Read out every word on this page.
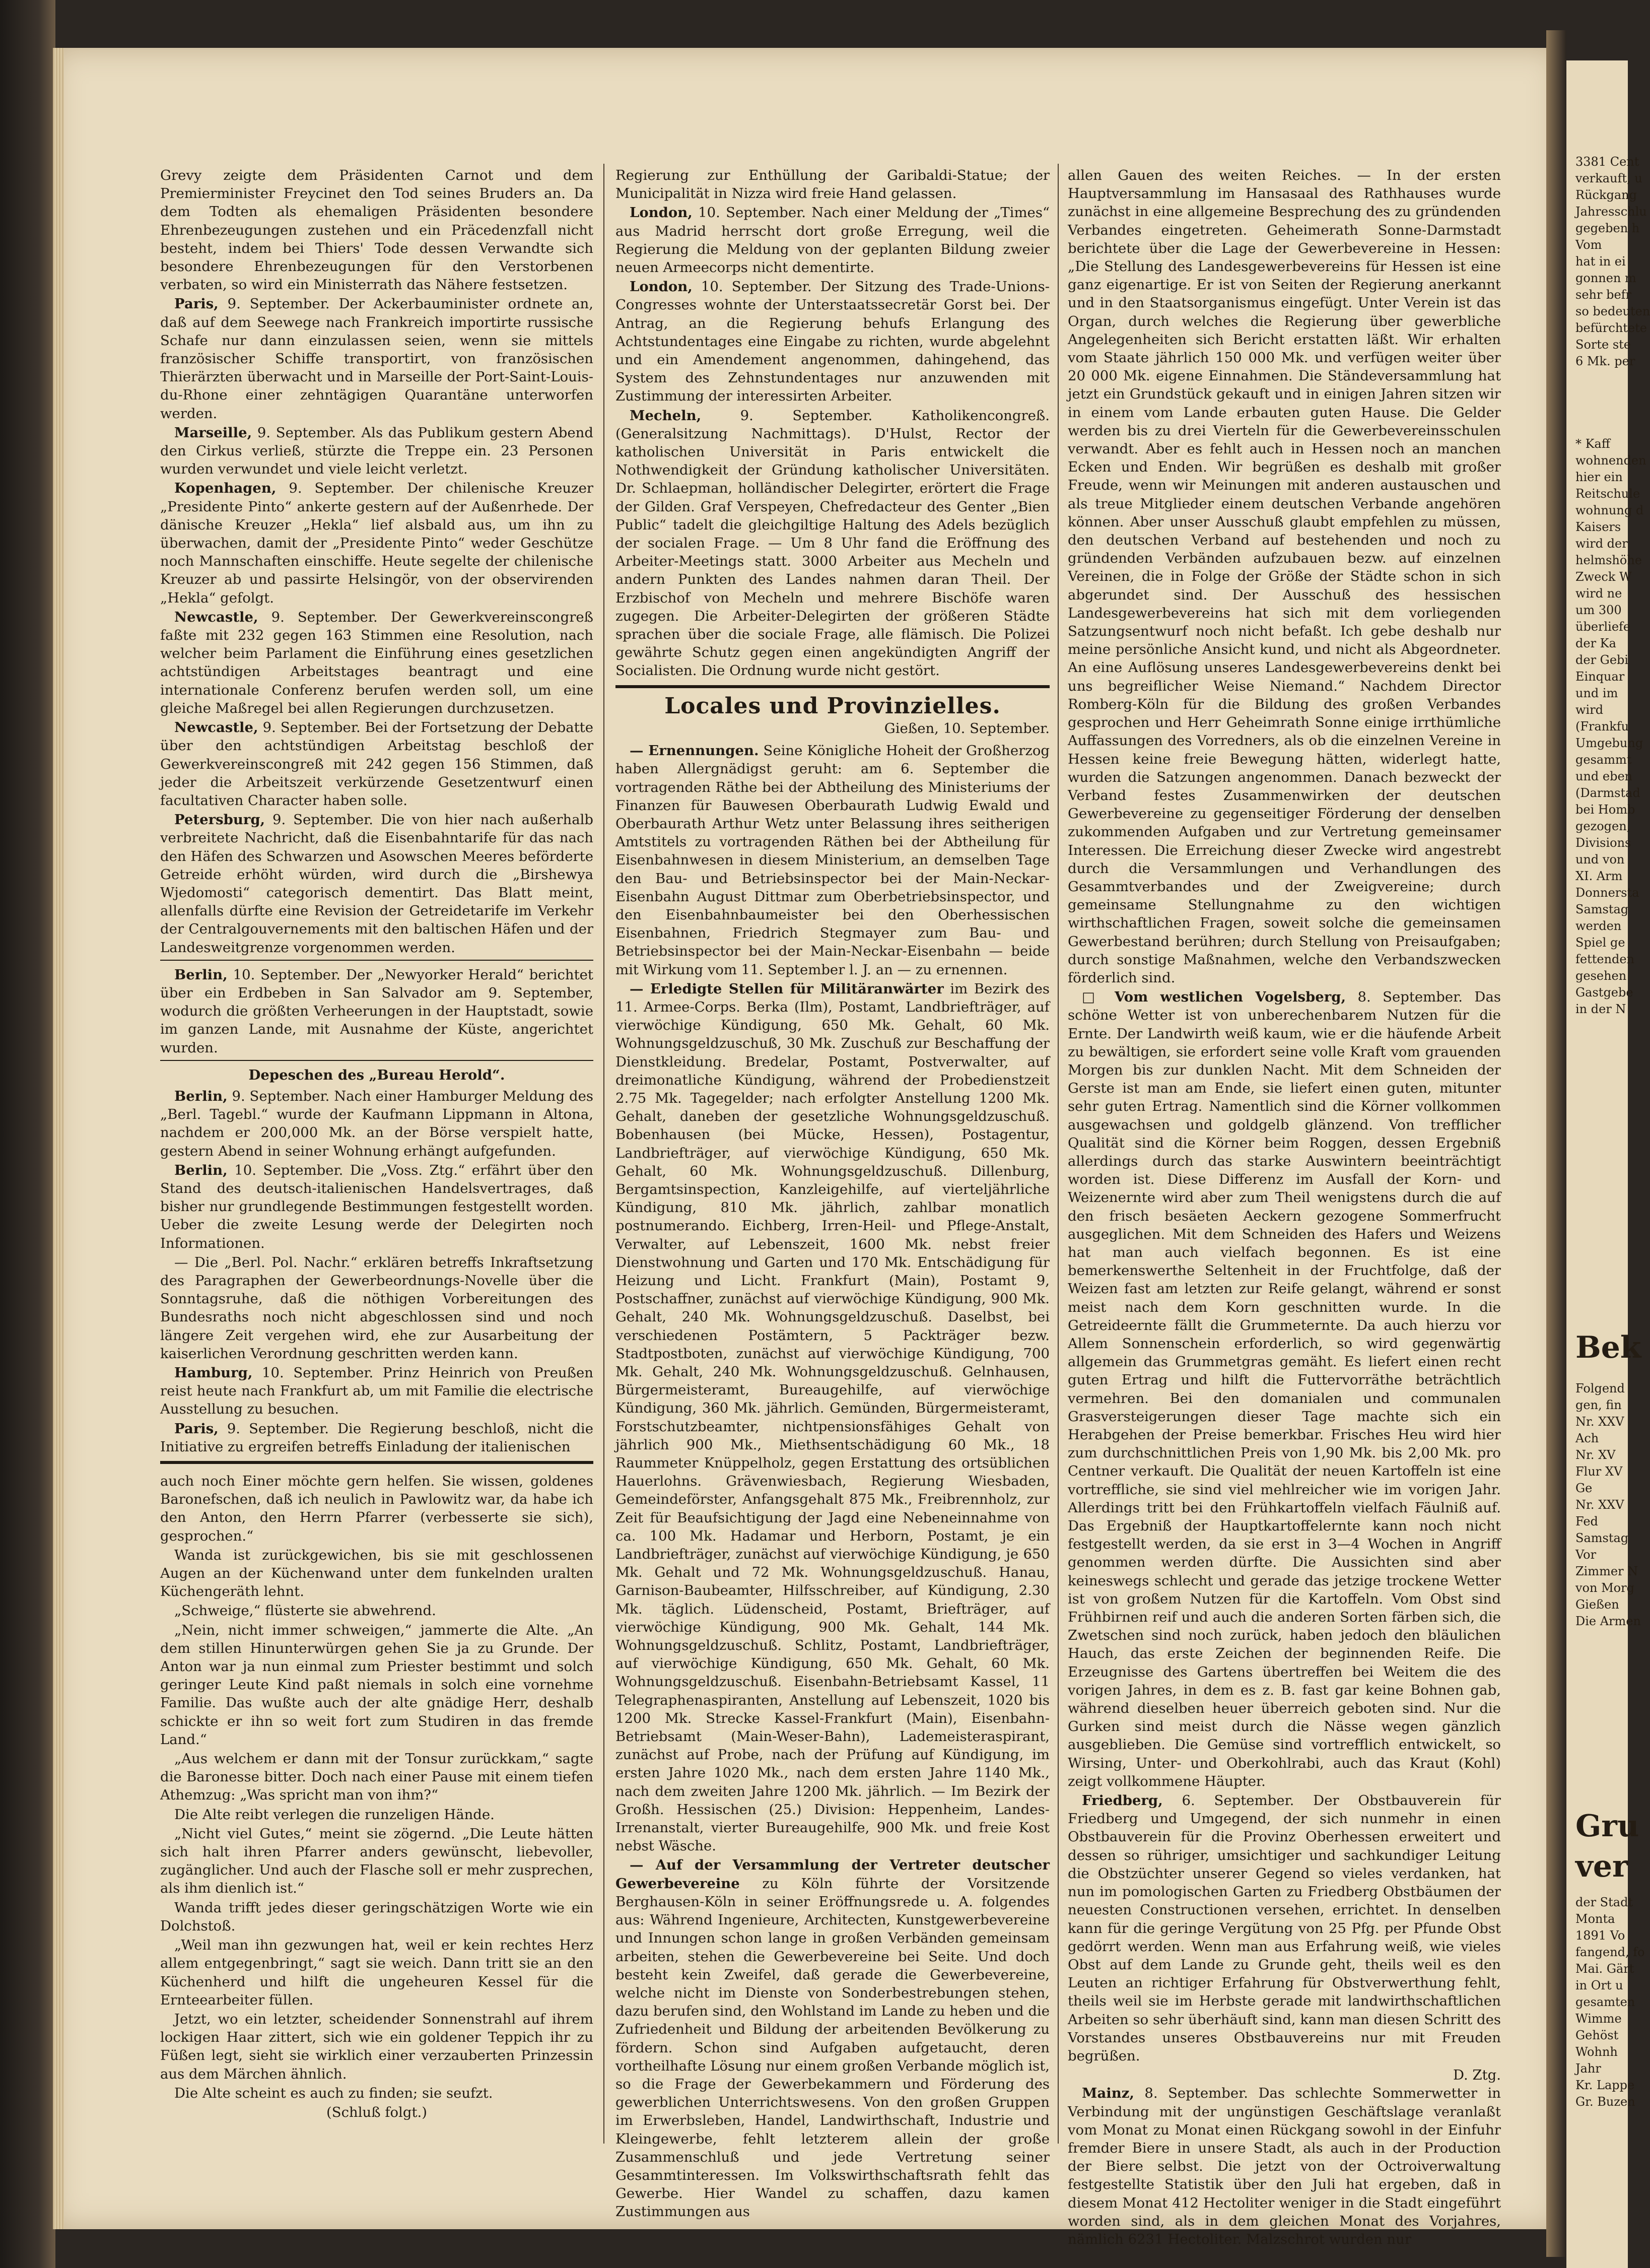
Grevy zeigte dem Präsidenten Carnot und dem Premierminister Freycinet den Tod seines Bruders an. Da dem Todten als ehemaligen Präsidenten besondere Ehrenbezeugungen zustehen und ein Präcedenzfall nicht besteht, indem bei Thiers' Tode dessen Verwandte sich besondere Ehrenbezeugungen für den Verstorbenen verbaten, so wird ein Ministerrath das Nähere festsetzen.

Paris, 9. September. Der Ackerbauminister ordnete an, daß auf dem Seewege nach Frankreich importirte russische Schafe nur dann einzulassen seien, wenn sie mittels französischer Schiffe transportirt, von französischen Thierärzten überwacht und in Marseille der Port-Saint-Louis-du-Rhone einer zehntägigen Quarantäne unterworfen werden.

Marseille, 9. September. Als das Publikum gestern Abend den Cirkus verließ, stürzte die Treppe ein. 23 Personen wurden verwundet und viele leicht verletzt.

Kopenhagen, 9. September. Der chilenische Kreuzer „Presidente Pinto“ ankerte gestern auf der Außenrhede. Der dänische Kreuzer „Hekla“ lief alsbald aus, um ihn zu überwachen, damit der „Presidente Pinto“ weder Geschütze noch Mannschaften einschiffe. Heute segelte der chilenische Kreuzer ab und passirte Helsingör, von der observirenden „Hekla“ gefolgt.

Newcastle, 9. September. Der Gewerkvereinscongreß faßte mit 232 gegen 163 Stimmen eine Resolution, nach welcher beim Parlament die Einführung eines gesetzlichen achtstündigen Arbeitstages beantragt und eine internationale Conferenz berufen werden soll, um eine gleiche Maßregel bei allen Regierungen durchzusetzen.

Newcastle, 9. September. Bei der Fortsetzung der Debatte über den achtstündigen Arbeitstag beschloß der Gewerkvereinscongreß mit 242 gegen 156 Stimmen, daß jeder die Arbeitszeit verkürzende Gesetzentwurf einen facultativen Character haben solle.

Petersburg, 9. September. Die von hier nach außerhalb verbreitete Nachricht, daß die Eisenbahntarife für das nach den Häfen des Schwarzen und Asowschen Meeres beförderte Getreide erhöht würden, wird durch die „Birshewya Wjedomosti“ categorisch dementirt. Das Blatt meint, allenfalls dürfte eine Revision der Getreidetarife im Verkehr der Centralgouvernements mit den baltischen Häfen und der Landesweitgrenze vorgenommen werden.

Berlin, 10. September. Der „Newyorker Herald“ berichtet über ein Erdbeben in San Salvador am 9. September, wodurch die größten Verheerungen in der Hauptstadt, sowie im ganzen Lande, mit Ausnahme der Küste, angerichtet wurden.

Depeschen des „Bureau Herold“.

Berlin, 9. September. Nach einer Hamburger Meldung des „Berl. Tagebl.“ wurde der Kaufmann Lippmann in Altona, nachdem er 200,000 Mk. an der Börse verspielt hatte, gestern Abend in seiner Wohnung erhängt aufgefunden.

Berlin, 10. September. Die „Voss. Ztg.“ erfährt über den Stand des deutsch-italienischen Handelsvertrages, daß bisher nur grundlegende Bestimmungen festgestellt worden. Ueber die zweite Lesung werde der Delegirten noch Informationen.

— Die „Berl. Pol. Nachr.“ erklären betreffs Inkraftsetzung des Paragraphen der Gewerbeordnungs-Novelle über die Sonntagsruhe, daß die nöthigen Vorbereitungen des Bundesraths noch nicht abgeschlossen sind und noch längere Zeit vergehen wird, ehe zur Ausarbeitung der kaiserlichen Verordnung geschritten werden kann.

Hamburg, 10. September. Prinz Heinrich von Preußen reist heute nach Frankfurt ab, um mit Familie die electrische Ausstellung zu besuchen.

Paris, 9. September. Die Regierung beschloß, nicht die Initiative zu ergreifen betreffs Einladung der italienischen

auch noch Einer möchte gern helfen. Sie wissen, goldenes Baronefschen, daß ich neulich in Pawlowitz war, da habe ich den Anton, den Herrn Pfarrer (verbesserte sie sich), gesprochen.“

Wanda ist zurückgewichen, bis sie mit geschlossenen Augen an der Küchenwand unter dem funkelnden uralten Küchengeräth lehnt.

„Schweige,“ flüsterte sie abwehrend.

„Nein, nicht immer schweigen,“ jammerte die Alte. „An dem stillen Hinunterwürgen gehen Sie ja zu Grunde. Der Anton war ja nun einmal zum Priester bestimmt und solch geringer Leute Kind paßt niemals in solch eine vornehme Familie. Das wußte auch der alte gnädige Herr, deshalb schickte er ihn so weit fort zum Studiren in das fremde Land.“

„Aus welchem er dann mit der Tonsur zurückkam,“ sagte die Baronesse bitter. Doch nach einer Pause mit einem tiefen Athemzug: „Was spricht man von ihm?“

Die Alte reibt verlegen die runzeligen Hände.

„Nicht viel Gutes,“ meint sie zögernd. „Die Leute hätten sich halt ihren Pfarrer anders gewünscht, liebevoller, zugänglicher. Und auch der Flasche soll er mehr zusprechen, als ihm dienlich ist.“

Wanda trifft jedes dieser geringschätzigen Worte wie ein Dolchstoß.

„Weil man ihn gezwungen hat, weil er kein rechtes Herz allem entgegenbringt,“ sagt sie weich. Dann tritt sie an den Küchenherd und hilft die ungeheuren Kessel für die Ernteearbeiter füllen.

Jetzt, wo ein letzter, scheidender Sonnenstrahl auf ihrem lockigen Haar zittert, sich wie ein goldener Teppich ihr zu Füßen legt, sieht sie wirklich einer verzauberten Prinzessin aus dem Märchen ähnlich.

Die Alte scheint es auch zu finden; sie seufzt.

(Schluß folgt.)

Regierung zur Enthüllung der Garibaldi-Statue; der Municipalität in Nizza wird freie Hand gelassen.

London, 10. September. Nach einer Meldung der „Times“ aus Madrid herrscht dort große Erregung, weil die Regierung die Meldung von der geplanten Bildung zweier neuen Armeecorps nicht dementirte.

London, 10. September. Der Sitzung des Trade-Unions-Congresses wohnte der Unterstaatssecretär Gorst bei. Der Antrag, an die Regierung behufs Erlangung des Achtstundentages eine Eingabe zu richten, wurde abgelehnt und ein Amendement angenommen, dahingehend, das System des Zehnstundentages nur anzuwenden mit Zustimmung der interessirten Arbeiter.

Mecheln,	9. September. Katholikencongreß. (Generalsitzung Nachmittags). D'Hulst, Rector der katholischen Universität in Paris entwickelt die Nothwendigkeit der Gründung katholischer Universitäten. Dr. Schlaepman, holländischer Delegirter, erörtert die Frage der Gilden. Graf Verspeyen, Chefredacteur des Genter „Bien Public“ tadelt die gleichgiltige Haltung des Adels bezüglich der socialen Frage. — Um 8 Uhr fand die Eröffnung des Arbeiter-Meetings statt. 3000 Arbeiter aus Mecheln und andern Punkten des Landes nahmen daran Theil. Der Erzbischof von Mecheln und mehrere Bischöfe waren zugegen. Die Arbeiter-Delegirten der größeren Städte sprachen über die sociale Frage, alle flämisch. Die Polizei gewährte Schutz gegen einen angekündigten Angriff der Socialisten. Die Ordnung wurde nicht gestört.

Locales und Provinzielles.
Gießen, 10. September.

— Ernennungen. Seine Königliche Hoheit der Großherzog haben Allergnädigst geruht: am 6. September die vortragenden Räthe bei der Abtheilung des Ministeriums der Finanzen für Bauwesen Oberbaurath Ludwig Ewald und Oberbaurath Arthur Wetz unter Belassung ihres seitherigen Amtstitels zu vortragenden Räthen bei der Abtheilung für Eisenbahnwesen in diesem Ministerium, an demselben Tage den Bau- und Betriebsinspector bei der Main-Neckar-Eisenbahn August Dittmar zum Oberbetriebsinspector, und den Eisenbahnbaumeister bei den Oberhessischen Eisenbahnen, Friedrich Stegmayer zum Bau- und Betriebsinspector bei der Main-Neckar-Eisenbahn — beide mit Wirkung vom 11. September l. J. an — zu ernennen.

— Erledigte Stellen für Militäranwärter im Bezirk des 11. Armee-Corps. Berka (Ilm), Postamt, Landbriefträger, auf vierwöchige Kündigung, 650 Mk. Gehalt, 60 Mk. Wohnungsgeldzuschuß, 30 Mk. Zuschuß zur Beschaffung der Dienstkleidung. Bredelar, Postamt, Postverwalter, auf dreimonatliche Kündigung, während der Probedienstzeit 2.75 Mk. Tagegelder; nach erfolgter Anstellung 1200 Mk. Gehalt, daneben der gesetzliche Wohnungsgeldzuschuß. Bobenhausen (bei Mücke, Hessen), Postagentur, Landbriefträger, auf vierwöchige Kündigung, 650 Mk. Gehalt, 60 Mk. Wohnungsgeldzuschuß. Dillenburg, Bergamtsinspection, Kanzleigehilfe, auf vierteljährliche Kündigung, 810 Mk. jährlich, zahlbar monatlich postnumerando. Eichberg, Irren-Heil- und Pflege-Anstalt, Verwalter, auf Lebenszeit, 1600 Mk. nebst freier Dienstwohnung und Garten und 170 Mk. Entschädigung für Heizung und Licht. Frankfurt (Main), Postamt 9, Postschaffner, zunächst auf vierwöchige Kündigung, 900 Mk. Gehalt, 240 Mk. Wohnungsgeldzuschuß. Daselbst, bei verschiedenen Postämtern, 5 Packträger bezw. Stadtpostboten, zunächst auf vierwöchige Kündigung, 700 Mk. Gehalt, 240 Mk. Wohnungsgeldzuschuß. Gelnhausen, Bürgermeisteramt, Bureaugehilfe, auf vierwöchige Kündigung, 360 Mk. jährlich. Gemünden, Bürgermeisteramt, Forstschutzbeamter, nichtpensionsfähiges Gehalt von jährlich 900 Mk., Miethsentschädigung 60 Mk., 18 Raummeter Knüppelholz, gegen Erstattung des ortsüblichen Hauerlohns. Grävenwiesbach, Regierung Wiesbaden, Gemeindeförster, Anfangsgehalt 875 Mk., Freibrennholz, zur Zeit für Beaufsichtigung der Jagd eine Nebeneinnahme von ca. 100 Mk. Hadamar und Herborn, Postamt, je ein Landbriefträger, zunächst auf vierwöchige Kündigung, je 650 Mk. Gehalt und 72 Mk. Wohnungsgeldzuschuß. Hanau, Garnison-Baubeamter, Hilfsschreiber, auf Kündigung, 2.30 Mk. täglich. Lüdenscheid, Postamt, Briefträger, auf vierwöchige Kündigung, 900 Mk. Gehalt, 144 Mk. Wohnungsgeldzuschuß. Schlitz, Postamt, Landbriefträger, auf vierwöchige Kündigung, 650 Mk. Gehalt, 60 Mk. Wohnungsgeldzuschuß. Eisenbahn-Betriebsamt Kassel, 11 Telegraphenaspiranten, Anstellung auf Lebenszeit, 1020 bis 1200 Mk. Strecke Kassel-Frankfurt (Main), Eisenbahn-Betriebsamt (Main-Weser-Bahn), Lademeisteraspirant, zunächst auf Probe, nach der Prüfung auf Kündigung, im ersten Jahre 1020 Mk., nach dem ersten Jahre 1140 Mk., nach dem zweiten Jahre 1200 Mk. jährlich. — Im Bezirk der Großh. Hessischen (25.) Division: Heppenheim, Landes-Irrenanstalt, vierter Bureaugehilfe, 900 Mk. und freie Kost nebst Wäsche.

— Auf der Versammlung der Vertreter deutscher Gewerbevereine zu Köln führte der Vorsitzende Berghausen-Köln in seiner Eröffnungsrede u. A. folgendes aus: Während Ingenieure, Architecten, Kunstgewerbevereine und Innungen schon lange in großen Verbänden gemeinsam arbeiten, stehen die Gewerbevereine bei Seite. Und doch besteht kein Zweifel, daß gerade die Gewerbevereine, welche nicht im Dienste von Sonderbestrebungen stehen, dazu berufen sind, den Wohlstand im Lande zu heben und die Zufriedenheit und Bildung der arbeitenden Bevölkerung zu fördern. Schon sind Aufgaben aufgetaucht, deren vortheilhafte Lösung nur einem großen Verbande möglich ist, so die Frage der Gewerbekammern und Förderung des gewerblichen Unterrichtswesens. Von den großen Gruppen im Erwerbsleben, Handel, Landwirthschaft, Industrie und Kleingewerbe, fehlt letzterem allein der große Zusammenschluß und jede Vertretung seiner Gesammtinteressen. Im Volkswirthschaftsrath fehlt das Gewerbe. Hier Wandel zu schaffen, dazu kamen Zustimmungen aus

allen Gauen des weiten Reiches. — In der ersten Hauptversammlung im Hansasaal des Rathhauses wurde zunächst in eine allgemeine Besprechung des zu gründenden Verbandes eingetreten. Geheimerath Sonne-Darmstadt berichtete über die Lage der Gewerbevereine in Hessen: „Die Stellung des Landesgewerbevereins für Hessen ist eine ganz eigenartige. Er ist von Seiten der Regierung anerkannt und in den Staatsorganismus eingefügt. Unter Verein ist das Organ, durch welches die Regierung über gewerbliche Angelegenheiten sich Bericht erstatten läßt. Wir erhalten vom Staate jährlich 150 000 Mk. und verfügen weiter über 20 000 Mk. eigene Einnahmen. Die Ständeversammlung hat jetzt ein Grundstück gekauft und in einigen Jahren sitzen wir in einem vom Lande erbauten guten Hause. Die Gelder werden bis zu drei Vierteln für die Gewerbevereinsschulen verwandt. Aber es fehlt auch in Hessen noch an manchen Ecken und Enden. Wir begrüßen es deshalb mit großer Freude, wenn wir Meinungen mit anderen austauschen und als treue Mitglieder einem deutschen Verbande angehören können. Aber unser Ausschuß glaubt empfehlen zu müssen, den deutschen Verband auf bestehenden und noch zu gründenden Verbänden aufzubauen bezw. auf einzelnen Vereinen, die in Folge der Größe der Städte schon in sich abgerundet sind. Der Ausschuß des hessischen Landesgewerbevereins hat sich mit dem vorliegenden Satzungsentwurf noch nicht befaßt. Ich gebe deshalb nur meine persönliche Ansicht kund, und nicht als Abgeordneter. An eine Auflösung unseres Landesgewerbevereins denkt bei uns begreiflicher Weise Niemand.“ Nachdem Director Romberg-Köln für die Bildung des großen Verbandes gesprochen und Herr Geheimrath Sonne einige irrthümliche Auffassungen des Vorredners, als ob die einzelnen Vereine in Hessen keine freie Bewegung hätten, widerlegt hatte, wurden die Satzungen angenommen. Danach bezweckt der Verband festes Zusammenwirken der deutschen Gewerbevereine zu gegenseitiger Förderung der denselben zukommenden Aufgaben und zur Vertretung gemeinsamer Interessen. Die Erreichung dieser Zwecke wird angestrebt durch die Versammlungen und Verhandlungen des Gesammtverbandes und der Zweigvereine; durch gemeinsame Stellungnahme zu den wichtigen wirthschaftlichen Fragen, soweit solche die gemeinsamen Gewerbestand berühren; durch Stellung von Preisaufgaben; durch sonstige Maßnahmen, welche den Verbandszwecken förderlich sind.

□ Vom westlichen Vogelsberg, 8. September. Das schöne Wetter ist von unberechenbarem Nutzen für die Ernte. Der Landwirth weiß kaum, wie er die häufende Arbeit zu bewältigen, sie erfordert seine volle Kraft vom grauenden Morgen bis zur dunklen Nacht. Mit dem Schneiden der Gerste ist man am Ende, sie liefert einen guten, mitunter sehr guten Ertrag. Namentlich sind die Körner vollkommen ausgewachsen und goldgelb glänzend. Von trefflicher Qualität sind die Körner beim Roggen, dessen Ergebniß allerdings durch das starke Auswintern beeinträchtigt worden ist. Diese Differenz im Ausfall der Korn- und Weizenernte wird aber zum Theil wenigstens durch die auf den frisch besäeten Aeckern gezogene Sommerfrucht ausgeglichen. Mit dem Schneiden des Hafers und Weizens hat man auch vielfach begonnen. Es ist eine bemerkenswerthe Seltenheit in der Fruchtfolge, daß der Weizen fast am letzten zur Reife gelangt, während er sonst meist nach dem Korn geschnitten wurde. In die Getreideernte fällt die Grummeternte. Da auch hierzu vor Allem Sonnenschein erforderlich, so wird gegenwärtig allgemein das Grummetgras gemäht. Es liefert einen recht guten Ertrag und hilft die Futtervorräthe beträchtlich vermehren. Bei den domanialen und communalen Grasversteigerungen dieser Tage machte sich ein Herabgehen der Preise bemerkbar. Frisches Heu wird hier zum durchschnittlichen Preis von 1,90 Mk. bis 2,00 Mk. pro Centner verkauft. Die Qualität der neuen Kartoffeln ist eine vortreffliche, sie sind viel mehlreicher wie im vorigen Jahr. Allerdings tritt bei den Frühkartoffeln vielfach Fäulniß auf. Das Ergebniß der Hauptkartoffelernte kann noch nicht festgestellt werden, da sie erst in 3—4 Wochen in Angriff genommen werden dürfte. Die Aussichten sind aber keineswegs schlecht und gerade das jetzige trockene Wetter ist von großem Nutzen für die Kartoffeln. Vom Obst sind Frühbirnen reif und auch die anderen Sorten färben sich, die Zwetschen sind noch zurück, haben jedoch den bläulichen Hauch, das erste Zeichen der beginnenden Reife. Die Erzeugnisse des Gartens übertreffen bei Weitem die des vorigen Jahres, in dem es z. B. fast gar keine Bohnen gab, während dieselben heuer überreich geboten sind. Nur die Gurken sind meist durch die Nässe wegen gänzlich ausgeblieben. Die Gemüse sind vortrefflich entwickelt, so Wirsing, Unter- und Oberkohlrabi, auch das Kraut (Kohl) zeigt vollkommene Häupter.

Friedberg, 6. September. Der Obstbauverein für Friedberg und Umgegend, der sich nunmehr in einen Obstbauverein für die Provinz Oberhessen erweitert und dessen so rühriger, umsichtiger und sachkundiger Leitung die Obstzüchter unserer Gegend so vieles verdanken, hat nun im pomologischen Garten zu Friedberg Obstbäumen der neuesten Constructionen versehen, errichtet. In denselben kann für die geringe Vergütung von 25 Pfg. per Pfunde Obst gedörrt werden. Wenn man aus Erfahrung weiß, wie vieles Obst auf dem Lande zu Grunde geht, theils weil es den Leuten an richtiger Erfahrung für Obstverwerthung fehlt, theils weil sie im Herbste gerade mit landwirthschaftlichen Arbeiten so sehr überhäuft sind, kann man diesen Schritt des Vorstandes unseres Obstbauvereins nur mit Freuden begrüßen.

D. Ztg.

Mainz, 8. September. Das schlechte Sommerwetter in Verbindung mit der ungünstigen Geschäftslage veranlaßt vom Monat zu Monat einen Rückgang sowohl in der Einfuhr fremder Biere in unsere Stadt, als auch in der Production der Biere selbst. Die jetzt von der Octroiverwaltung festgestellte Statistik über den Juli hat ergeben, daß in diesem Monat 412 Hectoliter weniger in die Stadt eingeführt worden sind, als in dem gleichen Monat des Vorjahres, nämlich 6231 Hectoliter. Malzschrot wurden nur

3381 Cent
verkauft, u
Rückgang
Jahresschlu
gegeben h
Vom
hat in ei
gonnen m
sehr befr
so bedeuten
befürchtete
Sorte ste
6 Mk. per
* Kaff
wohnenden
hier ein
Reitschule
wohnung d
Kaisers
wird der
helmshöhe
Zweck W
wird ne
um 300
überliefe
der Ka
der Gebi
Einquar
und im
wird
(Frankfu
Umgebung
gesammt
und eben
(Darmstad
bei Homb
gezogen,
Divisions
und von
XI. Arm
Donnersta
Samstag
werden
Spiel ge
fettenden
gesehen
Gastgebe
in der N
Bek
Folgend
gen, fin
Nr. XXV
Ach
Nr. XV
Flur XV
Ge
Nr. XXV
Fed
Samstag
Vor
Zimmer N
von Morg
Gießen
Die Armen
Gru
ver
der Stadt
Monta
1891 Vo
fangend, fo
Mai. Gärt
in Ort u
gesamten
Wimme
Gehöst
Wohnh
Jahr
Kr. Lappe
Gr. Buzen
